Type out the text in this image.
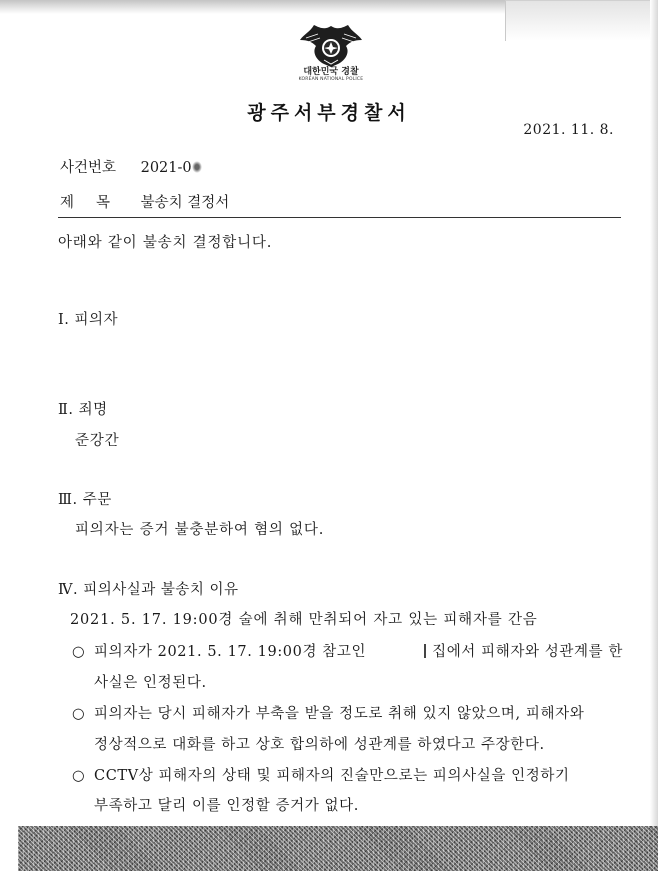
대한민국 경찰
KOREAN NATIONAL POLICE
광주서부경찰서
2021. 11. 8.
사건번호 2021-0
제목 불송치 결정서
아래와 같이 불송치 결정합니다.
Ⅰ. 피의자
Ⅱ. 죄명
준강간
Ⅲ. 주문
피의자는 증거 불충분하여 혐의 없다.
Ⅳ. 피의사실과 불송치 이유
2021. 5. 17. 19:00경 술에 취해 만취되어 자고 있는 피해자를 간음
○ 피의자가 2021. 5. 17. 19:00경 참고인	집에서 피해자와 성관계를 한
사실은 인정된다.
○ 피의자는 당시 피해자가 부축을 받을 정도로 취해 있지 않았으며, 피해자와
정상적으로 대화를 하고 상호 합의하에 성관계를 하였다고 주장한다.
○ CCTV상 피해자의 상태 및 피해자의 진술만으로는 피의사실을 인정하기
부족하고 달리 이를 인정할 증거가 없다.
